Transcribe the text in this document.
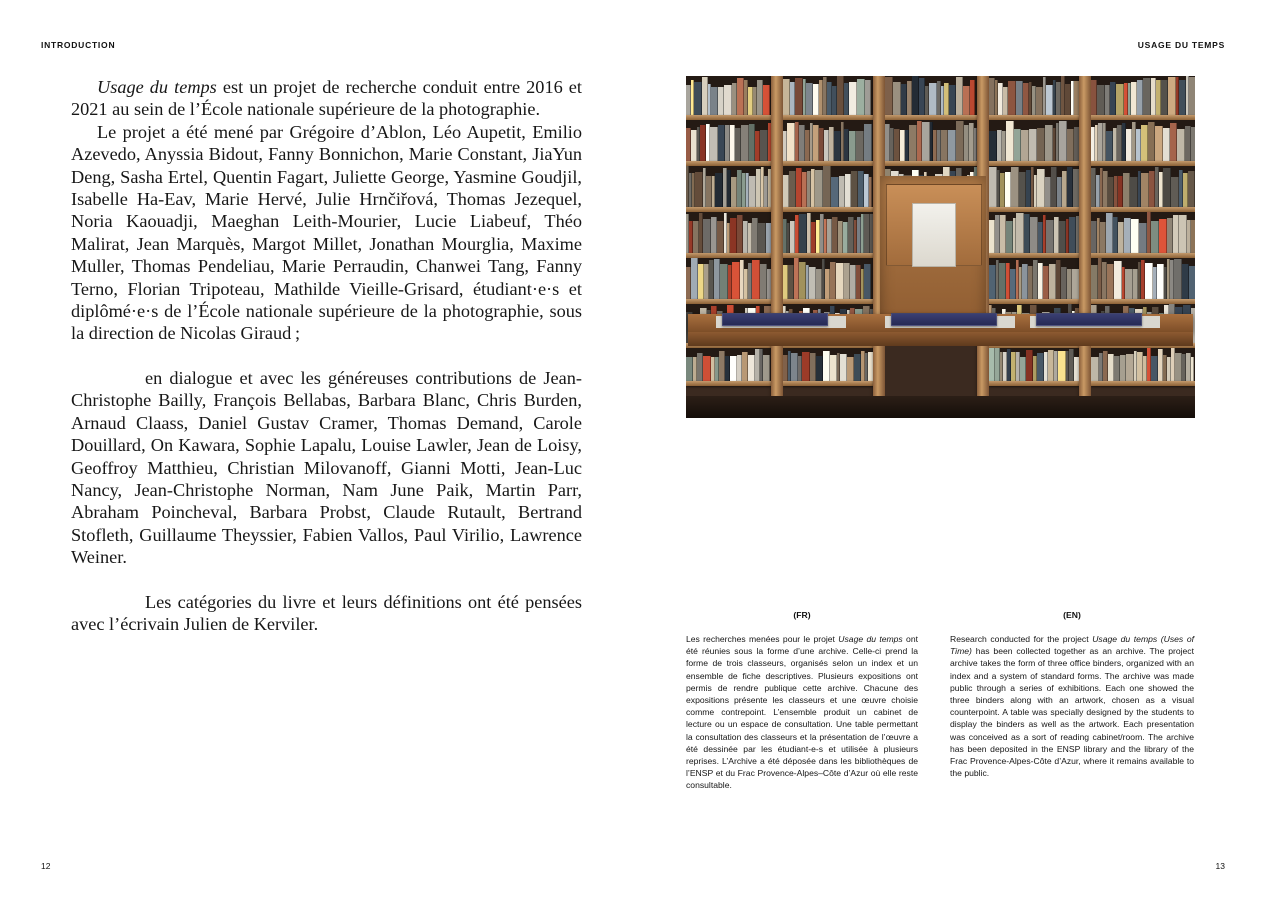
INTRODUCTION	USAGE DU TEMPS

Usage du temps est un projet de recherche conduit entre 2016 et 2021 au sein de l’École nationale supérieure de la photographie.

Le projet a été mené par Grégoire d’Ablon, Léo Aupetit, Emilio Azevedo, Anyssia Bidout, Fanny Bonnichon, Marie Constant, JiaYun Deng, Sasha Ertel, Quentin Fagart, Juliette George, Yasmine Goudjil, Isabelle Ha-Eav, Marie Hervé, Julie Hrnčiřová, Thomas Jezequel, Noria Kaouadji, Maeghan Leith-Mourier, Lucie Liabeuf, Théo Malirat, Jean Marquès, Margot Millet, Jonathan Mourglia, Maxime Muller, Thomas Pendeliau, Marie Perraudin, Chanwei Tang, Fanny Terno, Florian Tripoteau, Mathilde Vieille-Grisard, étudiant·e·s et diplômé·e·s de l’École nationale supérieure de la photographie, sous la direction de Nicolas Giraud ;

en dialogue et avec les généreuses contributions de Jean-Christophe Bailly, François Bellabas, Barbara Blanc, Chris Burden, Arnaud Claass, Daniel Gustav Cramer, Thomas Demand, Carole Douillard, On Kawara, Sophie Lapalu, Louise Lawler, Jean de Loisy, Geoffroy Matthieu, Christian Milovanoff, Gianni Motti, Jean-Luc Nancy, Jean-Christophe Norman, Nam June Paik, Martin Parr, Abraham Poincheval, Barbara Probst, Claude Rutault, Bertrand Stofleth, Guillaume Theyssier, Fabien Vallos, Paul Virilio, Lawrence Weiner.

Les catégories du livre et leurs définitions ont été pensées avec l’écrivain Julien de Kerviler.

12	13
(FR)	(EN)

Les recherches menées pour le projet Usage du temps ont été réunies sous la forme d’une archive. Celle-ci prend la forme de trois classeurs, organisés selon un index et un ensemble de fiche descriptives. Plusieurs expositions ont permis de rendre publique cette archive. Chacune des expositions présente les classeurs et une œuvre choisie comme contrepoint. L’ensemble produit un cabinet de lecture ou un espace de consultation. Une table permettant la consultation des classeurs et la présentation de l’œuvre a été dessinée par les étudiant-e-s et utilisée à plusieurs reprises. L’Archive a été déposée dans les bibliothèques de l’ENSP et du Frac Provence-Alpes–Côte d’Azur où elle reste consultable.

Research conducted for the project Usage du temps (Uses of Time) has been collected together as an archive. The project archive takes the form of three office binders, organized with an index and a system of standard forms. The archive was made public through a series of exhibitions. Each one showed the three binders along with an artwork, chosen as a visual counterpoint. A table was specially designed by the students to display the binders as well as the artwork. Each presentation was conceived as a sort of reading cabinet/room. The archive has been deposited in the ENSP library and the library of the Frac Provence-Alpes-Côte d’Azur, where it remains available to the public.
